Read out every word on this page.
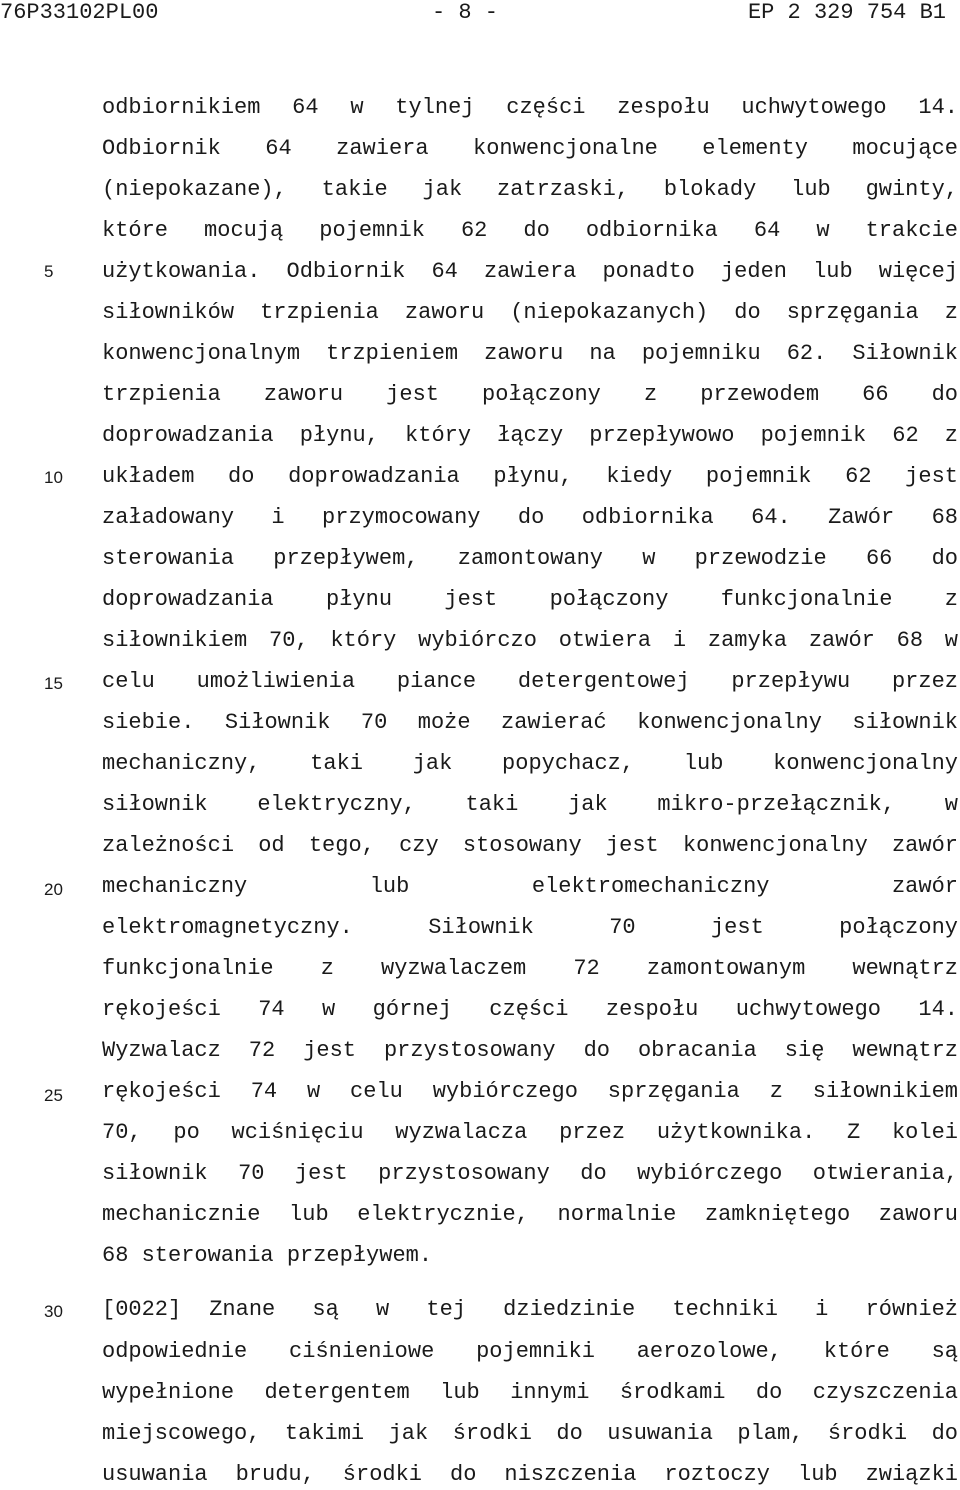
76P33102PL00	- 8 -	EP 2 329 754 B1
5
10
15
20
25
30
odbiornikiem 64 w tylnej części zespołu uchwytowego 14.
Odbiornik 64 zawiera konwencjonalne elementy mocujące
(niepokazane), takie jak zatrzaski, blokady lub gwinty,
które mocują pojemnik 62 do odbiornika 64 w trakcie
użytkowania. Odbiornik 64 zawiera ponadto jeden lub więcej
siłowników trzpienia zaworu (niepokazanych) do sprzęgania z
konwencjonalnym trzpieniem zaworu na pojemniku 62. Siłownik
trzpienia zaworu jest połączony z przewodem 66 do
doprowadzania płynu, który łączy przepływowo pojemnik 62 z
układem do doprowadzania płynu, kiedy pojemnik 62 jest
załadowany i przymocowany do odbiornika 64. Zawór 68
sterowania przepływem, zamontowany w przewodzie 66 do
doprowadzania płynu jest połączony funkcjonalnie z
siłownikiem 70, który wybiórczo otwiera i zamyka zawór 68 w
celu umożliwienia piance detergentowej przepływu przez
siebie. Siłownik 70 może zawierać konwencjonalny siłownik
mechaniczny, taki jak popychacz, lub konwencjonalny
siłownik elektryczny, taki jak mikro-przełącznik, w
zależności od tego, czy stosowany jest konwencjonalny zawór
mechaniczny lub elektromechaniczny zawór
elektromagnetyczny. Siłownik 70 jest połączony
funkcjonalnie z wyzwalaczem 72 zamontowanym wewnątrz
rękojeści 74 w górnej części zespołu uchwytowego 14.
Wyzwalacz 72 jest przystosowany do obracania się wewnątrz
rękojeści 74 w celu wybiórczego sprzęgania z siłownikiem
70, po wciśnięciu wyzwalacza przez użytkownika. Z kolei
siłownik 70 jest przystosowany do wybiórczego otwierania,
mechanicznie lub elektrycznie, normalnie zamkniętego zaworu
68 sterowania przepływem.
[0022] Znane są w tej dziedzinie techniki i również
odpowiednie ciśnieniowe pojemniki aerozolowe, które są
wypełnione detergentem lub innymi środkami do czyszczenia
miejscowego, takimi jak środki do usuwania plam, środki do
usuwania brudu, środki do niszczenia roztoczy lub związki
